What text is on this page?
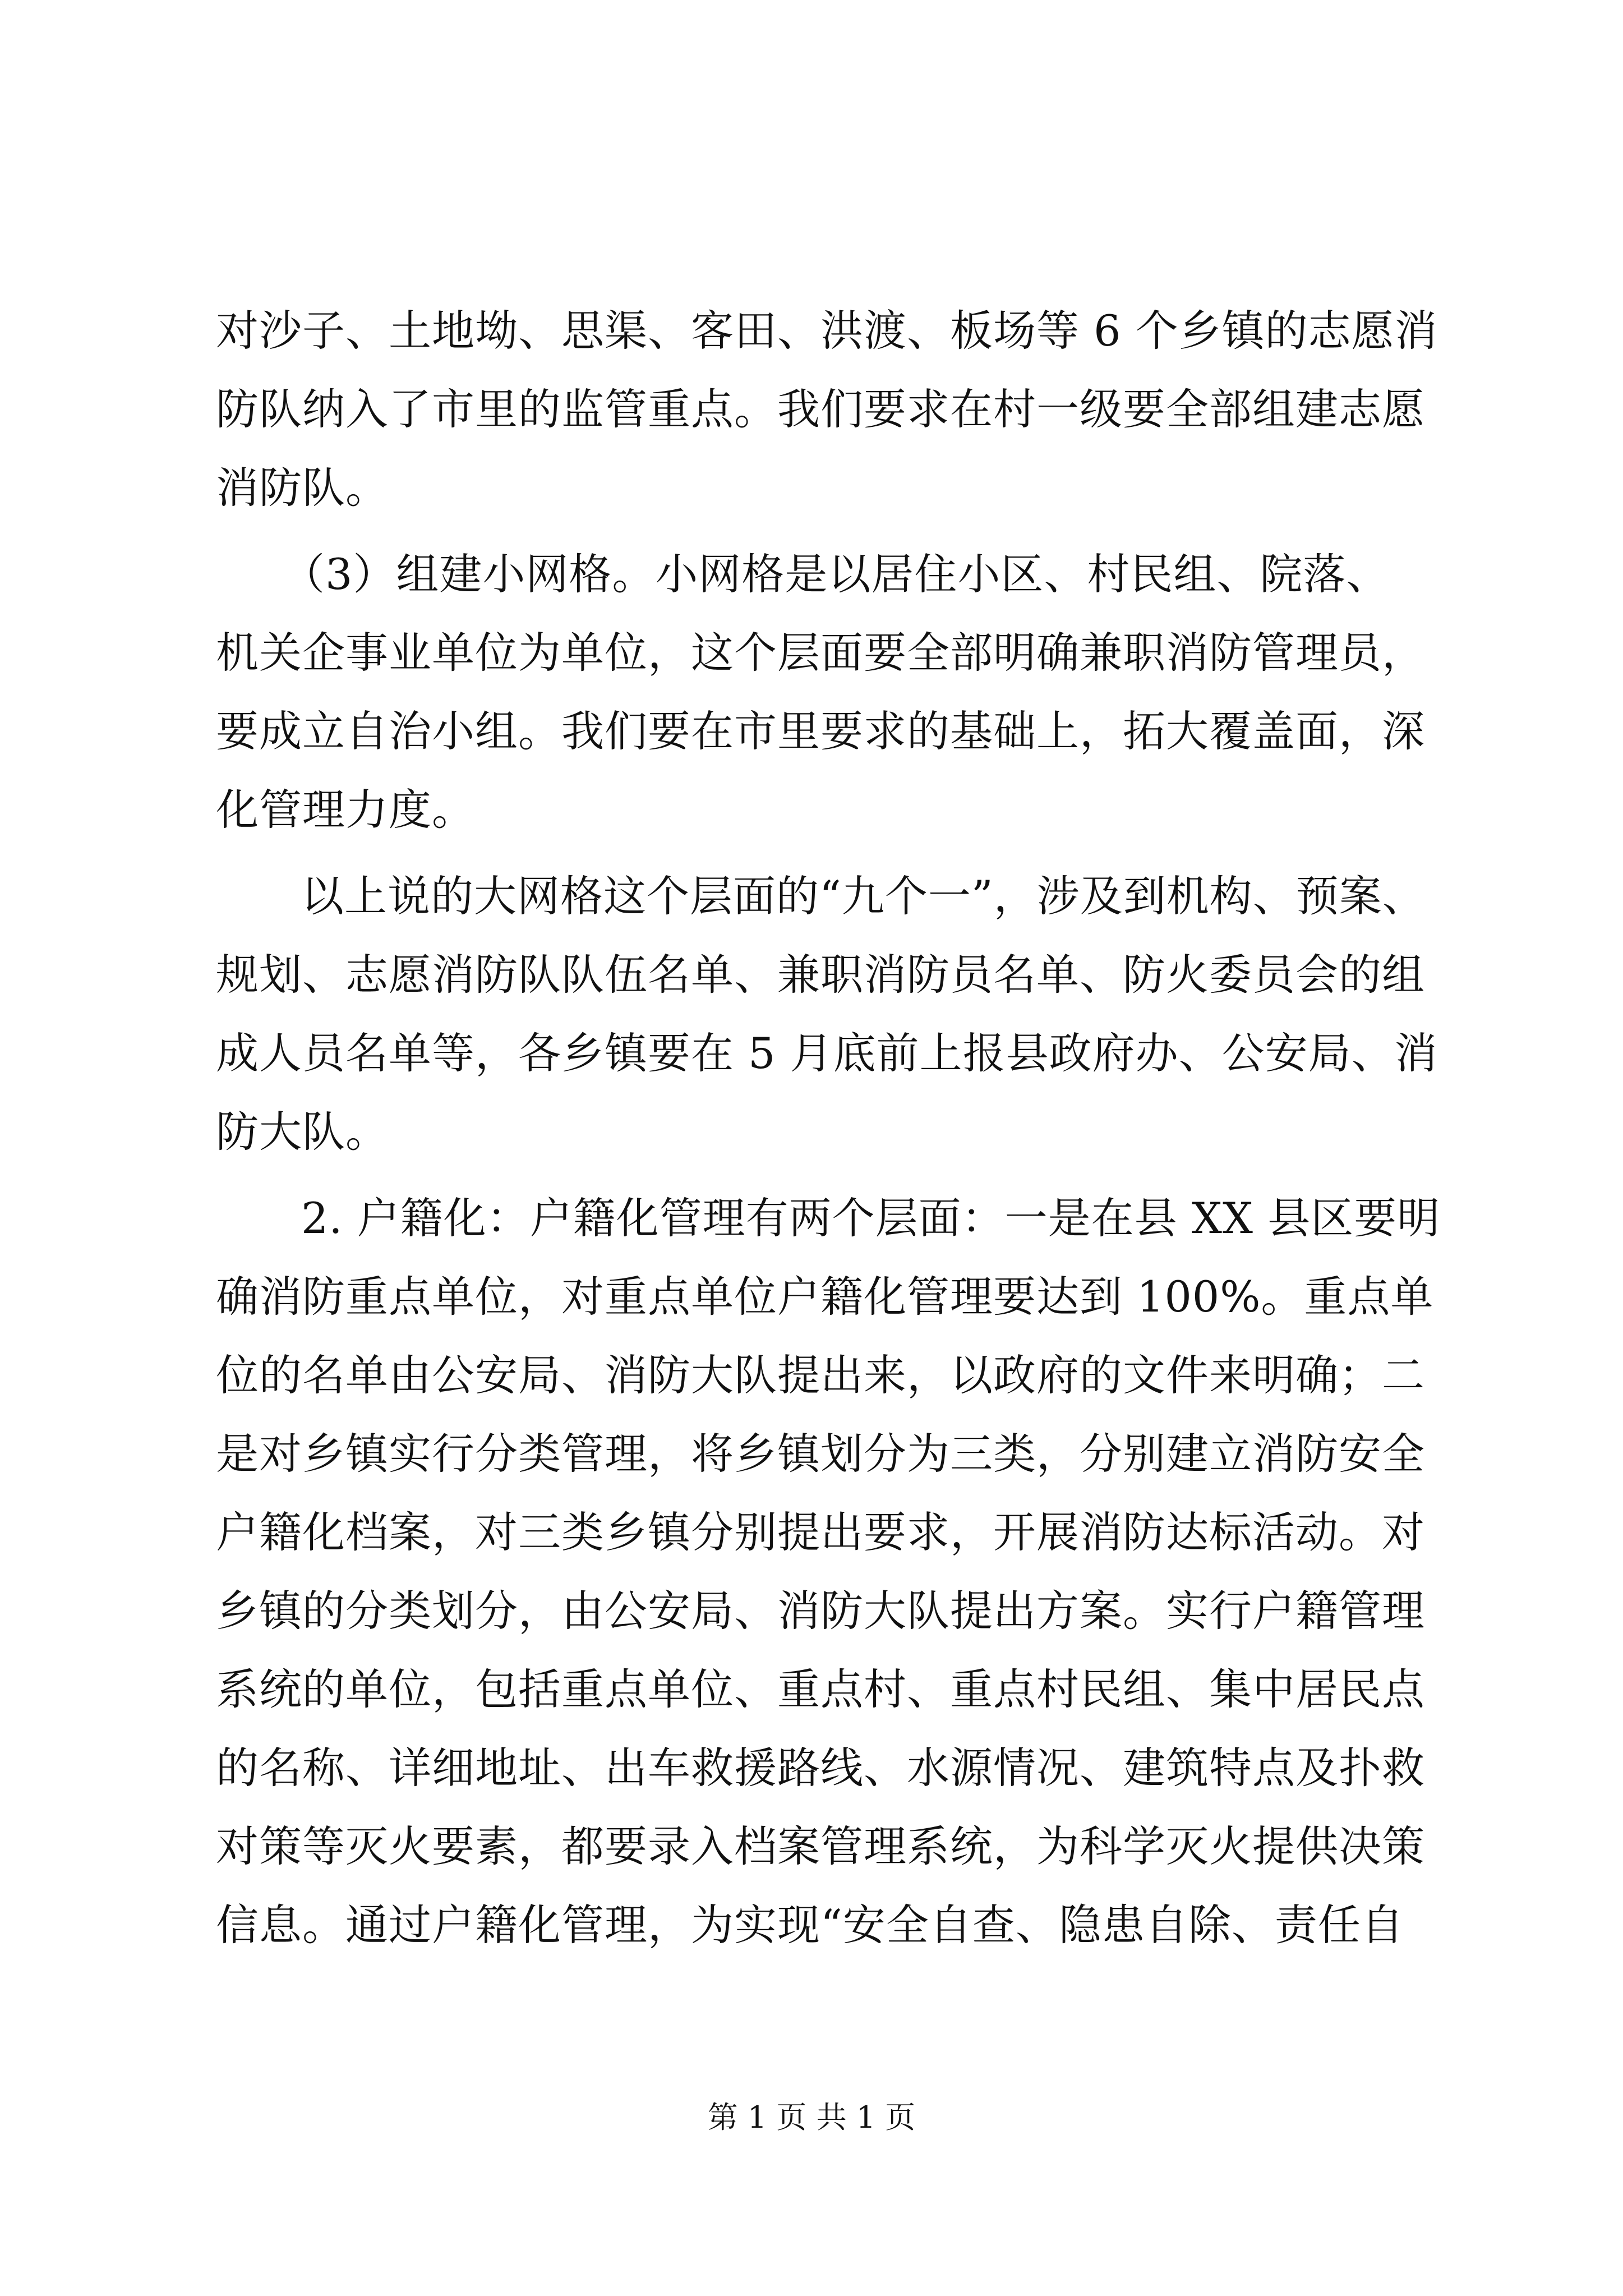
对沙子、土地坳、思渠、客田、洪渡、板场等 6 个乡镇的志愿消
防队纳入了市里的监管重点。我们要求在村一级要全部组建志愿
消防队。
（3）组建小网格。小网格是以居住小区、村民组、院落、
机关企事业单位为单位，这个层面要全部明确兼职消防管理员，
要成立自治小组。我们要在市里要求的基础上，拓大覆盖面，深
化管理力度。
以上说的大网格这个层面的“九个一”，涉及到机构、预案、
规划、志愿消防队队伍名单、兼职消防员名单、防火委员会的组
成人员名单等，各乡镇要在 5 月底前上报县政府办、公安局、消
防大队。
2. 户籍化：户籍化管理有两个层面：一是在县 XX 县区要明
确消防重点单位，对重点单位户籍化管理要达到 100%。重点单
位的名单由公安局、消防大队提出来，以政府的文件来明确；二
是对乡镇实行分类管理，将乡镇划分为三类，分别建立消防安全
户籍化档案，对三类乡镇分别提出要求，开展消防达标活动。对
乡镇的分类划分，由公安局、消防大队提出方案。实行户籍管理
系统的单位，包括重点单位、重点村、重点村民组、集中居民点
的名称、详细地址、出车救援路线、水源情况、建筑特点及扑救
对策等灭火要素，都要录入档案管理系统，为科学灭火提供决策
信息。通过户籍化管理，为实现“安全自查、隐患自除、责任自
第 1 页 共 1 页
